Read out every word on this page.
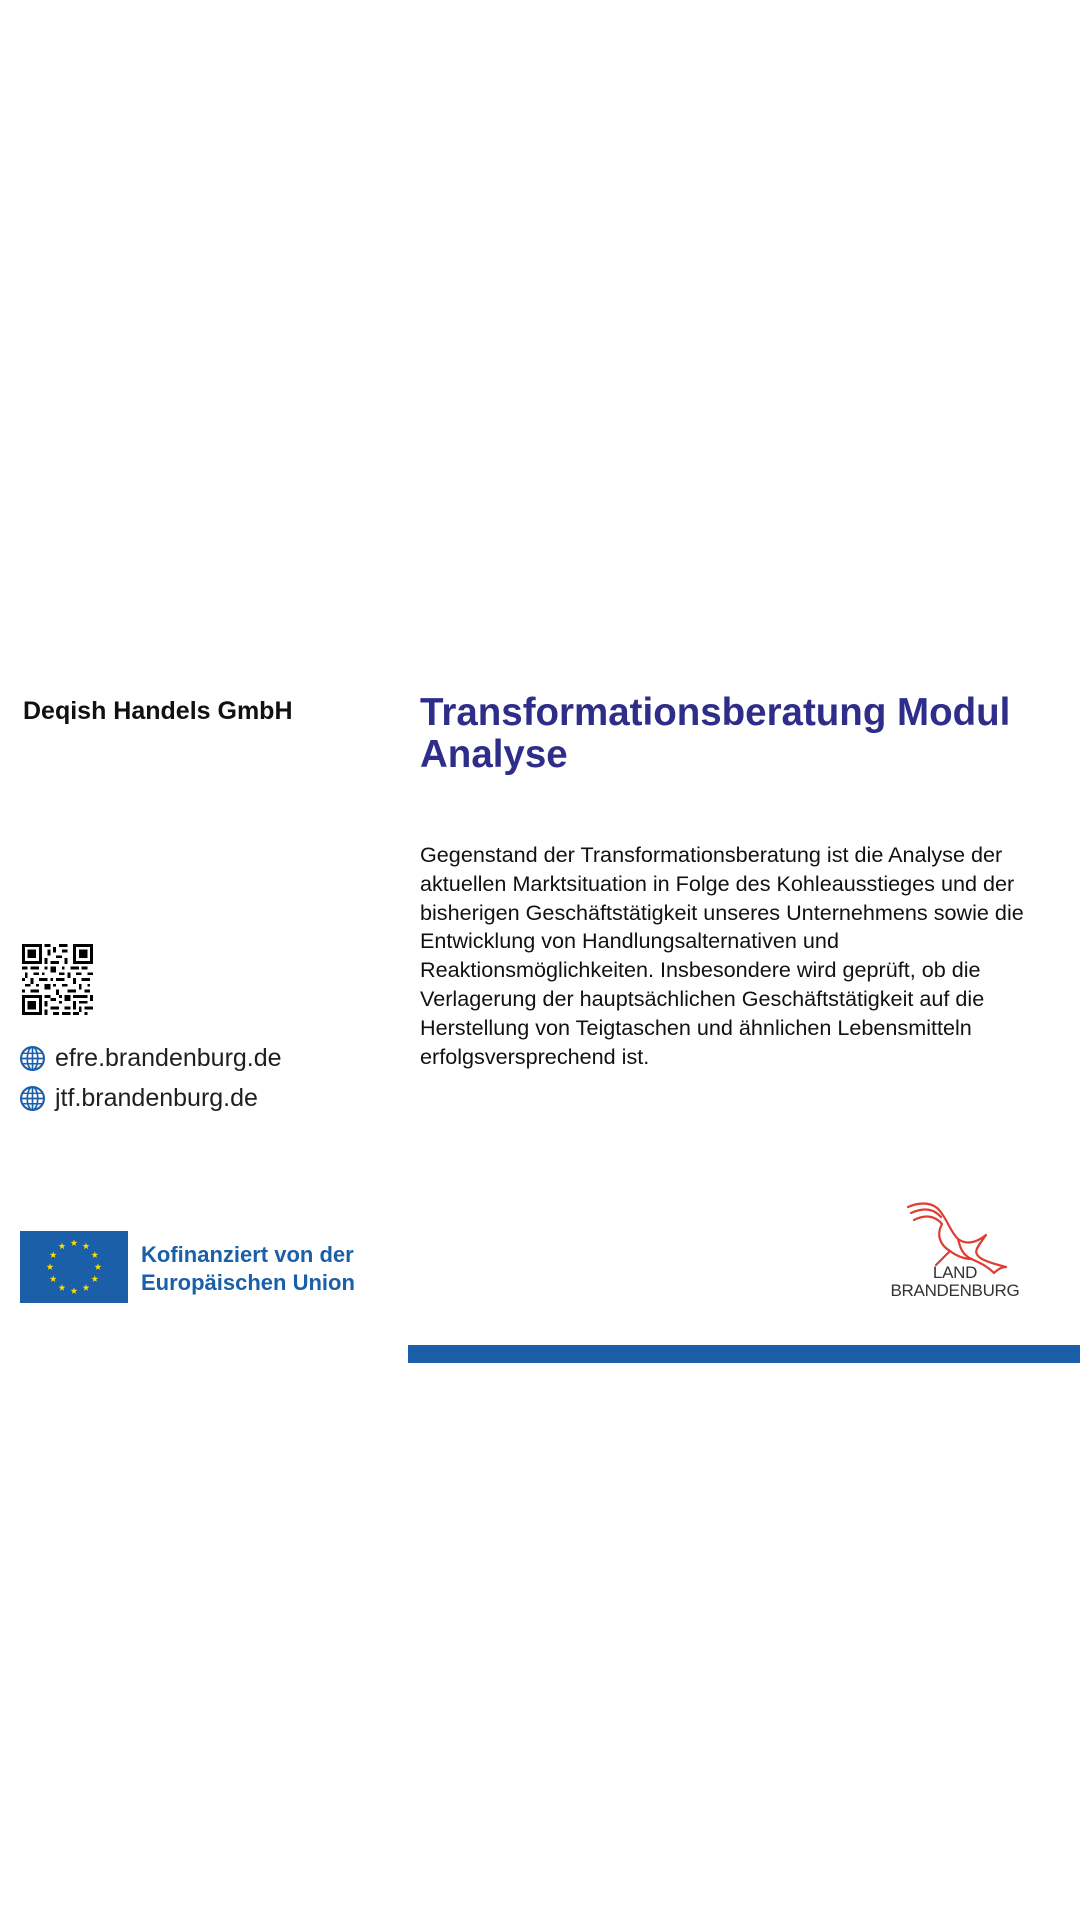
Deqish Handels GmbH	Transformationsberatung Modul Analyse
Gegenstand der Transformationsberatung ist die Analyse der aktuellen Marktsituation in Folge des Kohleausstieges und der bisherigen Geschäftstätigkeit unseres Unternehmens sowie die Entwicklung von Handlungsalternativen und Reaktionsmöglichkeiten. Insbesondere wird geprüft, ob die Verlagerung der hauptsächlichen Geschäftstätigkeit auf die Herstellung von Teigtaschen und ähnlichen Lebensmitteln erfolgsversprechend ist.
efre.brandenburg.de
jtf.brandenburg.de
Kofinanziert von der
Europäischen Union	LAND
BRANDENBURG
